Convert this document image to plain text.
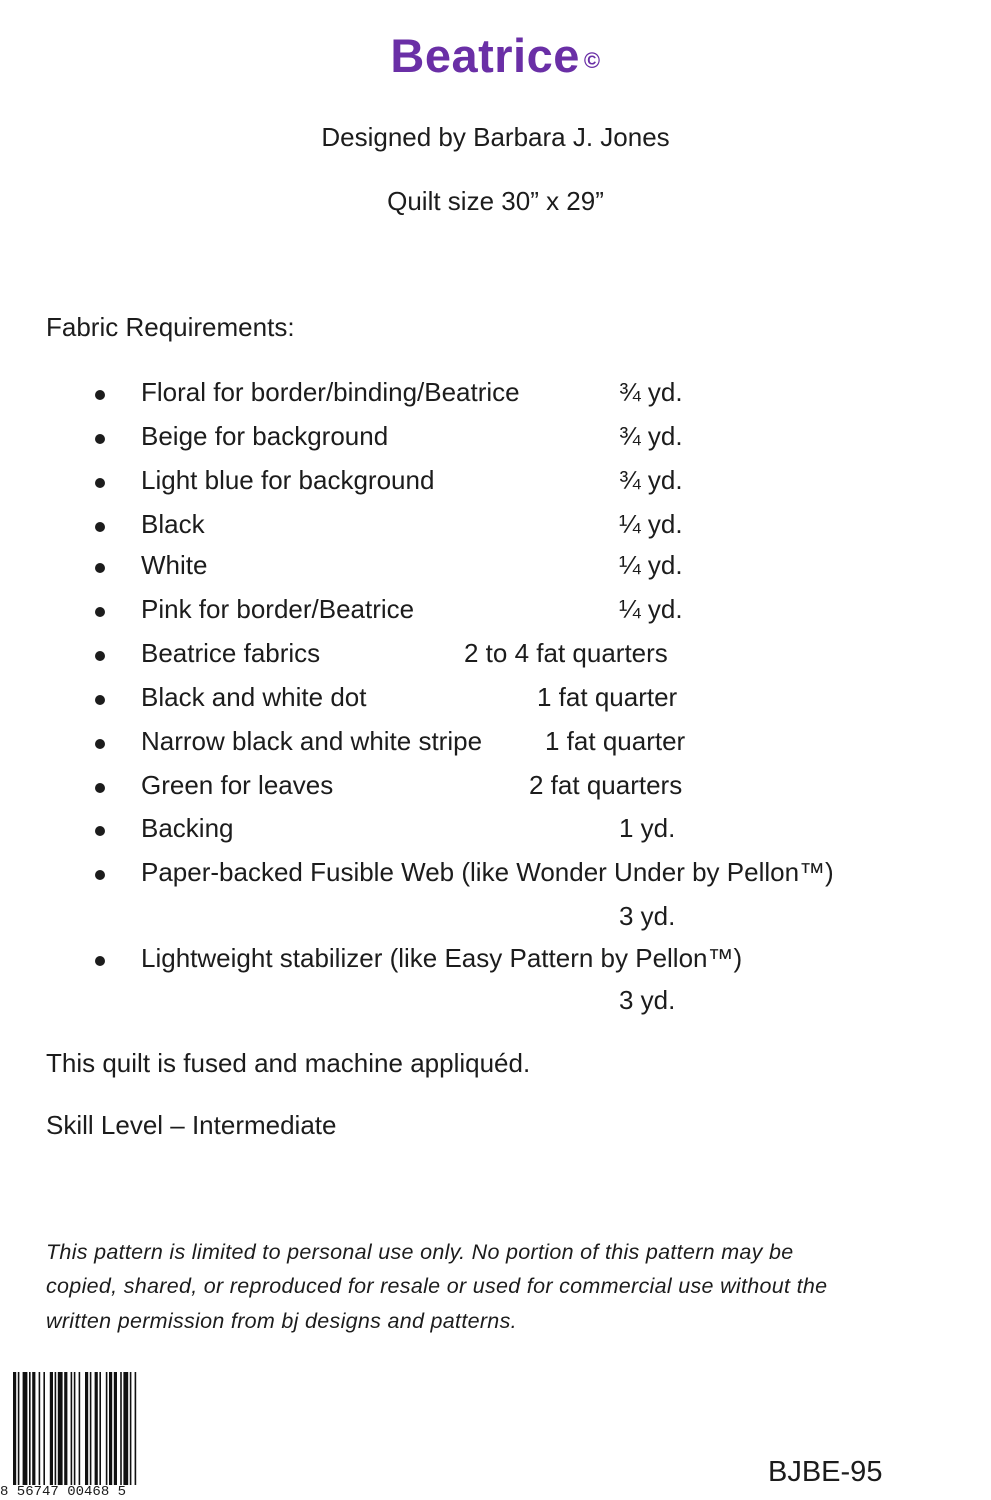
Beatrice ©
Designed by Barbara J. Jones
Quilt size 30” x 29”
Fabric Requirements:
Floral for border/binding/Beatrice	¾ yd.
Beige for background	¾ yd.
Light blue for background	¾ yd.
Black	¼ yd.
White	¼ yd.
Pink for border/Beatrice	¼ yd.
Beatrice fabrics	2 to 4 fat quarters
Black and white dot	1 fat quarter
Narrow black and white stripe 1 fat quarter
Green for leaves	2 fat quarters
Backing	1 yd.
Paper-backed Fusible Web (like Wonder Under by Pellon™)
3 yd.
Lightweight stabilizer (like Easy Pattern by Pellon™)
3 yd.
This quilt is fused and machine appliquéd.
Skill Level – Intermediate
This pattern is limited to personal use only. No portion of this pattern may be
copied, shared, or reproduced for resale or used for commercial use without the
written permission from bj designs and patterns.
8 56747 00468 5
BJBE-95
